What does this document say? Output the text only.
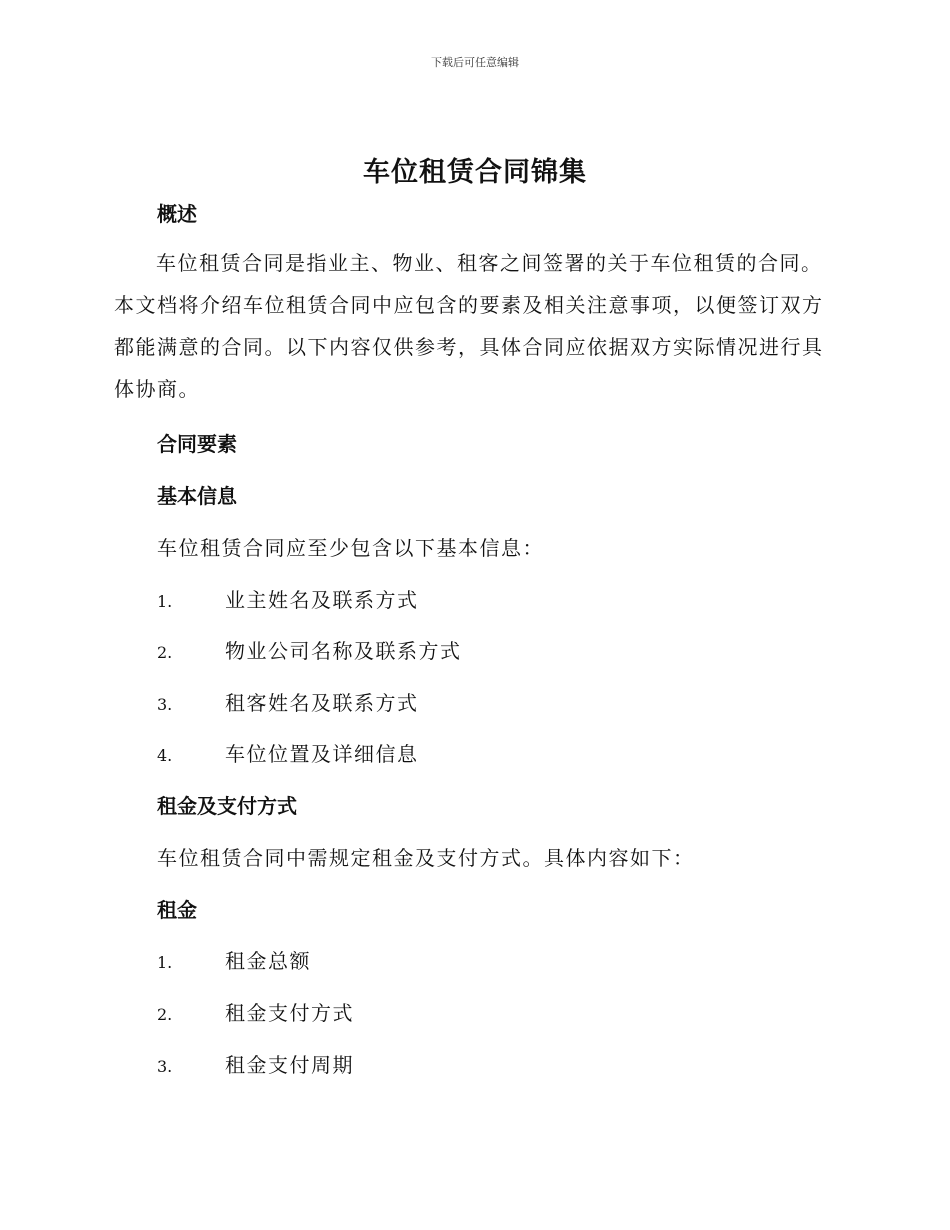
下载后可任意编辑
车位租赁合同锦集
概述
车位租赁合同是指业主、物业、租客之间签署的关于车位租赁的合同。本文档将介绍车位租赁合同中应包含的要素及相关注意事项，以便签订双方都能满意的合同。以下内容仅供参考，具体合同应依据双方实际情况进行具体协商。
合同要素
基本信息
车位租赁合同应至少包含以下基本信息：
1.	业主姓名及联系方式
2.	物业公司名称及联系方式
3.	租客姓名及联系方式
4.	车位位置及详细信息
租金及支付方式
车位租赁合同中需规定租金及支付方式。具体内容如下：
租金
1.	租金总额
2.	租金支付方式
3.	租金支付周期
